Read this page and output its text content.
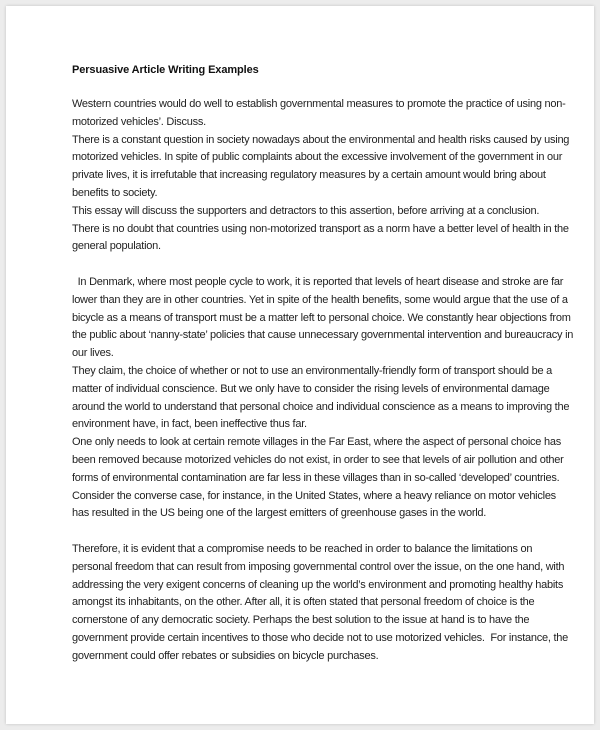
Persuasive Article Writing Examples
Western countries would do well to establish governmental measures to promote the practice of using non-
motorized vehicles’. Discuss.
There is a constant question in society nowadays about the environmental and health risks caused by using
motorized vehicles. In spite of public complaints about the excessive involvement of the government in our
private lives, it is irrefutable that increasing regulatory measures by a certain amount would bring about
benefits to society.
This essay will discuss the supporters and detractors to this assertion, before arriving at a conclusion.
There is no doubt that countries using non-motorized transport as a norm have a better level of health in the
general population.
In Denmark, where most people cycle to work, it is reported that levels of heart disease and stroke are far
lower than they are in other countries. Yet in spite of the health benefits, some would argue that the use of a
bicycle as a means of transport must be a matter left to personal choice. We constantly hear objections from
the public about ‘nanny-state’ policies that cause unnecessary governmental intervention and bureaucracy in
our lives.
They claim, the choice of whether or not to use an environmentally-friendly form of transport should be a
matter of individual conscience. But we only have to consider the rising levels of environmental damage
around the world to understand that personal choice and individual conscience as a means to improving the
environment have, in fact, been ineffective thus far.
One only needs to look at certain remote villages in the Far East, where the aspect of personal choice has
been removed because motorized vehicles do not exist, in order to see that levels of air pollution and other
forms of environmental contamination are far less in these villages than in so-called ‘developed’ countries.
Consider the converse case, for instance, in the United States, where a heavy reliance on motor vehicles
has resulted in the US being one of the largest emitters of greenhouse gases in the world.
Therefore, it is evident that a compromise needs to be reached in order to balance the limitations on
personal freedom that can result from imposing governmental control over the issue, on the one hand, with
addressing the very exigent concerns of cleaning up the world’s environment and promoting healthy habits
amongst its inhabitants, on the other. After all, it is often stated that personal freedom of choice is the
cornerstone of any democratic society. Perhaps the best solution to the issue at hand is to have the
government provide certain incentives to those who decide not to use motorized vehicles.  For instance, the
government could offer rebates or subsidies on bicycle purchases.
